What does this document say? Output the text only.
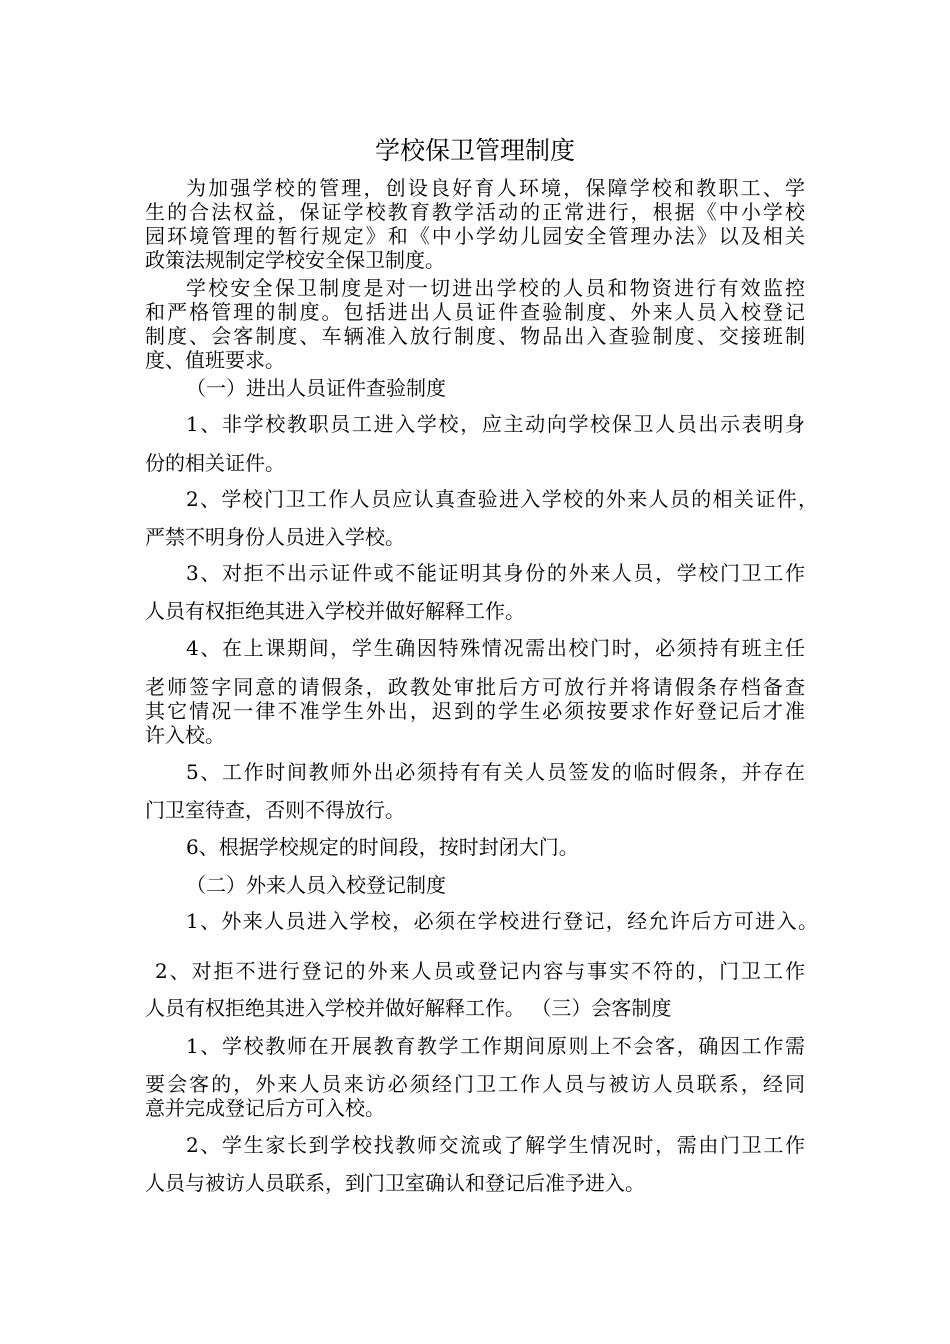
学校保卫管理制度
为加强学校的管理，创设良好育人环境，保障学校和教职工、学
生的合法权益，保证学校教育教学活动的正常进行，根据《中小学校
园环境管理的暂行规定》和《中小学幼儿园安全管理办法》以及相关
政策法规制定学校安全保卫制度。
学校安全保卫制度是对一切进出学校的人员和物资进行有效监控
和严格管理的制度。包括进出人员证件查验制度、外来人员入校登记
制度、会客制度、车辆准入放行制度、物品出入查验制度、交接班制
度、值班要求。
（一）进出人员证件查验制度
1、非学校教职员工进入学校，应主动向学校保卫人员出示表明身
份的相关证件。
2、学校门卫工作人员应认真查验进入学校的外来人员的相关证件，
严禁不明身份人员进入学校。
3、对拒不出示证件或不能证明其身份的外来人员，学校门卫工作
人员有权拒绝其进入学校并做好解释工作。
4、在上课期间，学生确因特殊情况需出校门时，必须持有班主任
老师签字同意的请假条，政教处审批后方可放行并将请假条存档备查
其它情况一律不准学生外出，迟到的学生必须按要求作好登记后才准
许入校。
5、工作时间教师外出必须持有有关人员签发的临时假条，并存在
门卫室待查，否则不得放行。
6、根据学校规定的时间段，按时封闭大门。
（二）外来人员入校登记制度
1、外来人员进入学校，必须在学校进行登记，经允许后方可进入。
2、对拒不进行登记的外来人员或登记内容与事实不符的，门卫工作
人员有权拒绝其进入学校并做好解释工作。 （三）会客制度
1、学校教师在开展教育教学工作期间原则上不会客，确因工作需
要会客的，外来人员来访必须经门卫工作人员与被访人员联系，经同
意并完成登记后方可入校。
2、学生家长到学校找教师交流或了解学生情况时，需由门卫工作
人员与被访人员联系，到门卫室确认和登记后准予进入。
